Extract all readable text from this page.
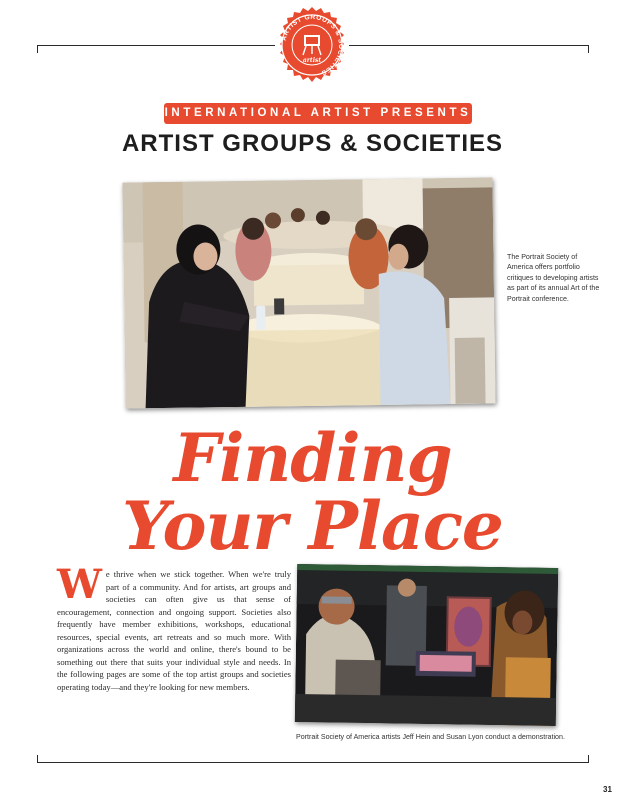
ARTIST GROUPS & SOCIETIES
artist
INTERNATIONAL ARTIST PRESENTS
ARTIST GROUPS & SOCIETIES
The Portrait Society of America offers portfolio critiques to developing artists as part of its annual Art of the Portrait conference.
Finding
Your Place
We thrive when we stick together. When we're truly part of a community. And for artists, art groups and societies can often give us that sense of encouragement, connection and ongoing support. Societies also frequently have member exhibitions, workshops, educational resources, special events, art retreats and so much more. With organizations across the world and online, there's bound to be something out there that suits your individual style and needs. In the following pages are some of the top artist groups and societies operating today—and they're looking for new members.
Portrait Society of America artists Jeff Hein and Susan Lyon conduct a demonstration.
31
